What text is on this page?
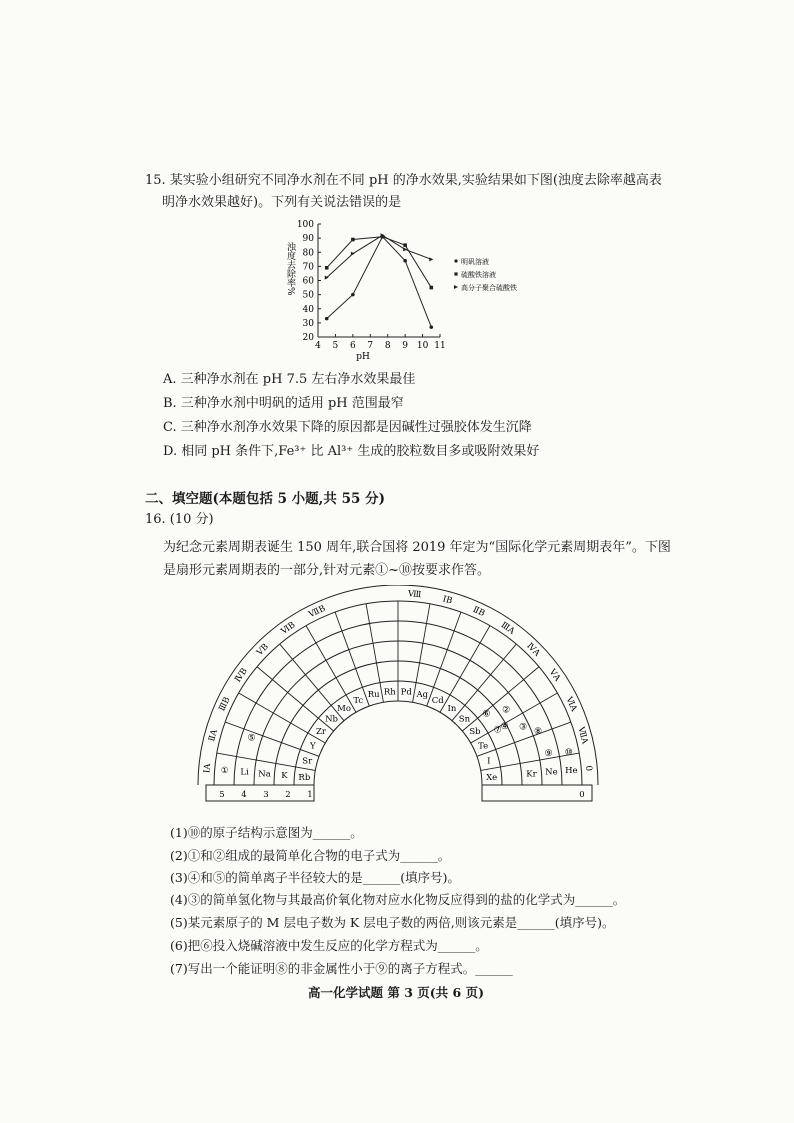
15. 某实验小组研究不同净水剂在不同 pH 的净水效果,实验结果如下图(浊度去除率越高表
明净水效果越好)。下列有关说法错误的是
20
30
40
50
60
70
80
90
100
4 5 6 7 8 9 10 11
pH
浊度去除率%	明矾溶液
硫酸铁溶液
高分子聚合硫酸铁
A. 三种净水剂在 pH 7.5 左右净水效果最佳
B. 三种净水剂中明矾的适用 pH 范围最窄
C. 三种净水剂净水效果下降的原因都是因碱性过强胶体发生沉降
D. 相同 pH 条件下,Fe³⁺ 比 Al³⁺ 生成的胶粒数目多或吸附效果好
二、填空题(本题包括 5 小题,共 55 分)
16. (10 分)
为纪念元素周期表诞生 150 周年,联合国将 2019 年定为“国际化学元素周期表年”。下图
是扇形元素周期表的一部分,针对元素①~⑩按要求作答。
ⅠA
ⅡA
ⅢB
ⅣB
ⅤB
ⅥB
ⅦB
Ⅷ ⅠB
ⅡB
ⅢA
ⅣA
ⅤA
ⅥA
ⅦA
0
Rb
Sr
Y
Zr
Nb
Mo
Tc
Ru Rh Pd Ag
Cd
In
Sn
Sb
Te
I
Xe
K
Na	Kr
Li	Ne
①	He
5 4 3 2 1	0
②
③
④
⑤
⑥
⑦	⑧
⑨ ⑩
(1)⑩的原子结构示意图为______。
(2)①和②组成的最简单化合物的电子式为______。
(3)④和⑤的简单离子半径较大的是______(填序号)。
(4)③的简单氢化物与其最高价氧化物对应水化物反应得到的盐的化学式为______。
(5)某元素原子的 M 层电子数为 K 层电子数的两倍,则该元素是______(填序号)。
(6)把⑥投入烧碱溶液中发生反应的化学方程式为______。
(7)写出一个能证明⑧的非金属性小于⑨的离子方程式。______
高一化学试题 第 3 页(共 6 页)
